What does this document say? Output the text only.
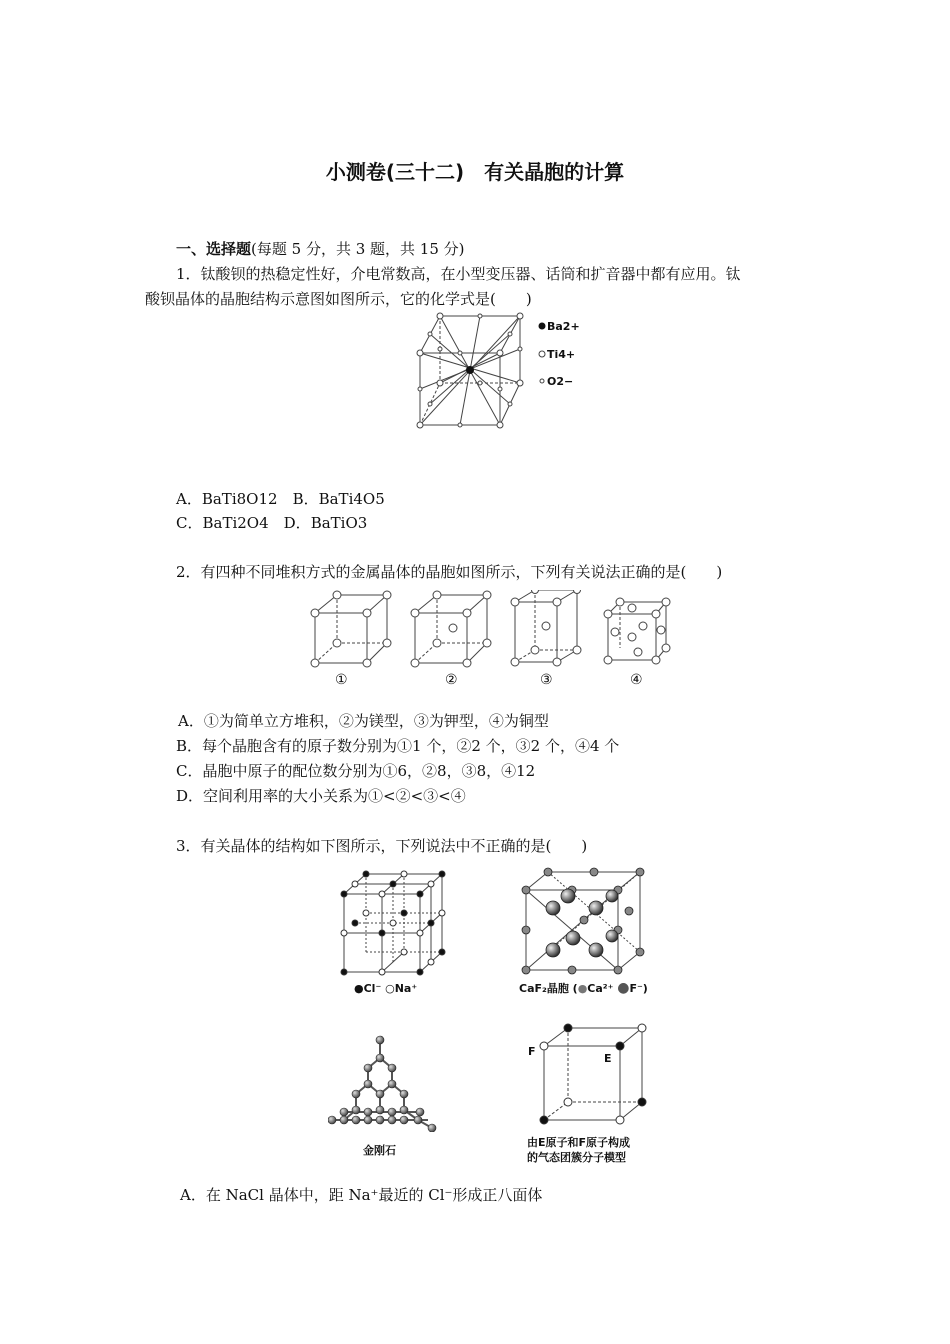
小测卷(三十二)　有关晶胞的计算
一、选择题(每题 5 分，共 3 题，共 15 分)
1．钛酸钡的热稳定性好，介电常数高，在小型变压器、话筒和扩音器中都有应用。钛
酸钡晶体的晶胞结构示意图如图所示，它的化学式是(　　)
Ba2+
Ti4+
O2−
A．BaTi8O12　 B．BaTi4O5
C．BaTi2O4　 D．BaTiO3
2．有四种不同堆积方式的金属晶体的晶胞如图所示，下列有关说法正确的是(　　)
①	②	③	④
A．①为简单立方堆积，②为镁型，③为钾型，④为铜型
B．每个晶胞含有的原子数分别为①1 个，②2 个，③2 个，④4 个
C．晶胞中原子的配位数分别为①6，②8，③8，④12
D．空间利用率的大小关系为①<②<③<④
3．有关晶体的结构如下图所示，下列说法中不正确的是(　　)
●Cl⁻ ○Na⁺	CaF₂晶胞 (●Ca²⁺ ●F⁻)
金刚石
F
E
由E原子和F原子构成
的气态团簇分子模型
A．在 NaCl 晶体中，距 Na⁺最近的 Cl⁻形成正八面体
